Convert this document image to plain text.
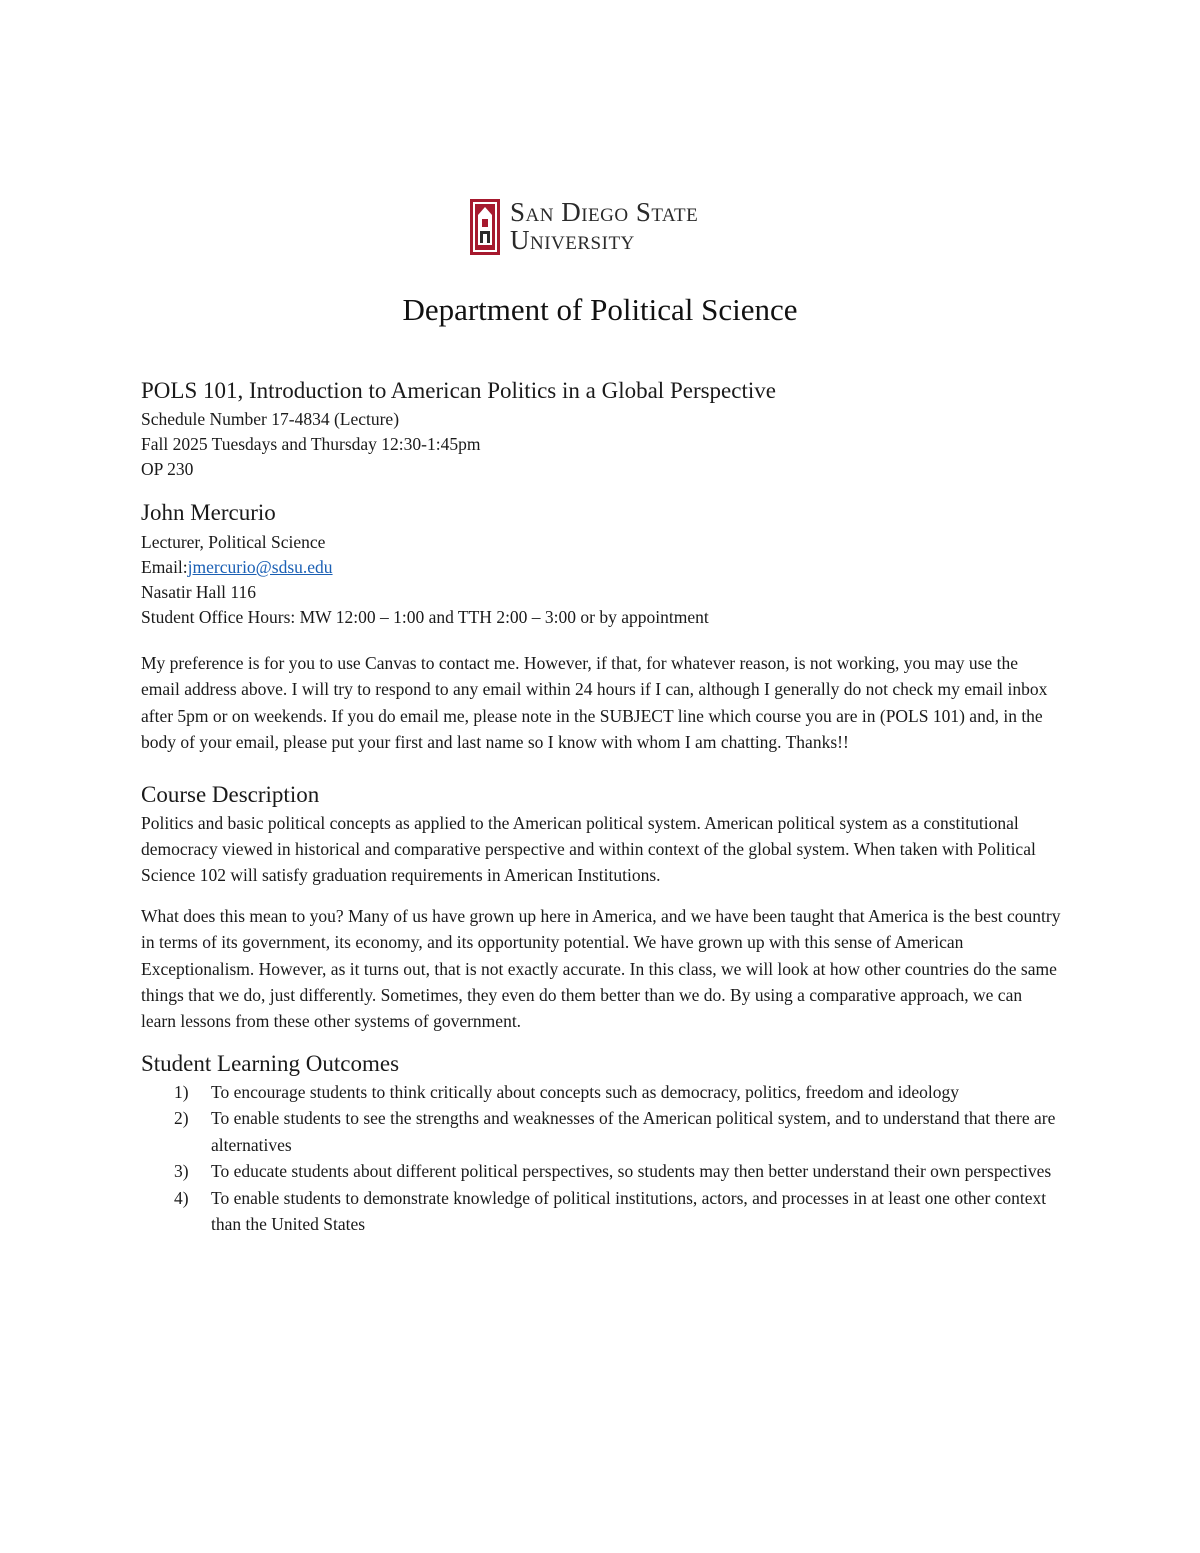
San Diego State
University
Department of Political Science
POLS 101, Introduction to American Politics in a Global Perspective

Schedule Number 17-4834 (Lecture)

Fall 2025 Tuesdays and Thursday 12:30-1:45pm

OP 230

John Mercurio

Lecturer, Political Science

Email:jmercurio@sdsu.edu

Nasatir Hall 116

Student Office Hours: MW 12:00 – 1:00 and TTH 2:00 – 3:00 or by appointment

My preference is for you to use Canvas to contact me. However, if that, for whatever reason, is not working, you may use the email address above. I will try to respond to any email within 24 hours if I can, although I generally do not check my email inbox after 5pm or on weekends. If you do email me, please note in the SUBJECT line which course you are in (POLS 101) and, in the body of your email, please put your first and last name so I know with whom I am chatting. Thanks!!

Course Description

Politics and basic political concepts as applied to the American political system. American political system as a constitutional democracy viewed in historical and comparative perspective and within context of the global system. When taken with Political Science 102 will satisfy graduation requirements in American Institutions.

What does this mean to you? Many of us have grown up here in America, and we have been taught that America is the best country in terms of its government, its economy, and its opportunity potential. We have grown up with this sense of American Exceptionalism. However, as it turns out, that is not exactly accurate. In this class, we will look at how other countries do the same things that we do, just differently. Sometimes, they even do them better than we do. By using a comparative approach, we can learn lessons from these other systems of government.

Student Learning Outcomes
1)	To encourage students to think critically about concepts such as democracy, politics, freedom and ideology
2)	To enable students to see the strengths and weaknesses of the American political system, and to understand that there are alternatives
3)	To educate students about different political perspectives, so students may then better understand their own perspectives
4)	To enable students to demonstrate knowledge of political institutions, actors, and processes in at least one other context than the United States
